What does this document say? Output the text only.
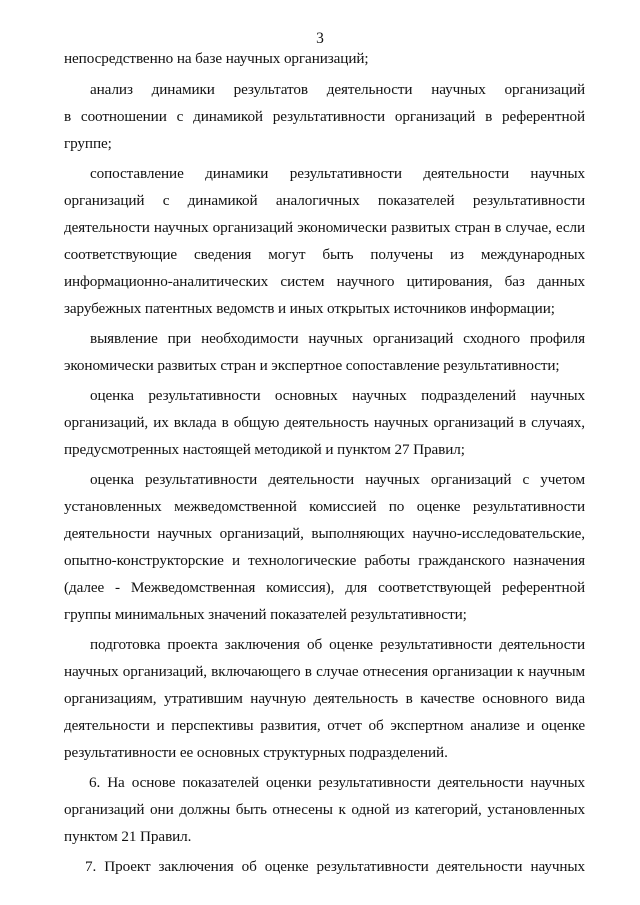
3
непосредственно на базе научных организаций;
анализ динамики результатов деятельности научных организаций
в соотношении с динамикой результативности организаций в референтной
группе;
сопоставление динамики результативности деятельности научных
организаций с динамикой аналогичных показателей результативности
деятельности научных организаций экономически развитых стран в случае, если
соответствующие сведения могут быть получены из международных
информационно-аналитических систем научного цитирования, баз данных
зарубежных патентных ведомств и иных открытых источников информации;
выявление при необходимости научных организаций сходного профиля
экономически развитых стран и экспертное сопоставление результативности;
оценка результативности основных научных подразделений научных
организаций, их вклада в общую деятельность научных организаций в случаях,
предусмотренных настоящей методикой и пунктом 27 Правил;
оценка результативности деятельности научных организаций с учетом
установленных межведомственной комиссией по оценке результативности
деятельности научных организаций, выполняющих научно-исследовательские,
опытно-конструкторские и технологические работы гражданского назначения
(далее - Межведомственная комиссия), для соответствующей референтной
группы минимальных значений показателей результативности;
подготовка проекта заключения об оценке результативности деятельности
научных организаций, включающего в случае отнесения организации к научным
организациям, утратившим научную деятельность в качестве основного вида
деятельности и перспективы развития, отчет об экспертном анализе и оценке
результативности ее основных структурных подразделений.
6. На основе показателей оценки результативности деятельности научных
организаций они должны быть отнесены к одной из категорий, установленных
пунктом 21 Правил.
7. Проект заключения об оценке результативности деятельности научных
